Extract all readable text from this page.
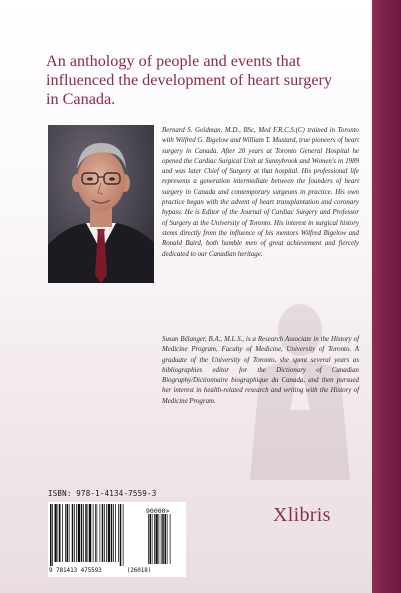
An anthology of people and events that influenced the development of heart surgery in Canada.

Bernard S. Goldman, M.D., BSc, Med F.R.C.S.(C) trained in Toronto with Wilfred G. Bigelow and William T. Mustard, true pioneers of heart surgery in Canada. After 20 years at Toronto General Hospital he opened the Cardiac Surgical Unit at Sunnybrook and Women's in 1989 and was later Chief of Surgery at that hospital. His professional life represents a generation intermediate between the founders of heart surgery in Canada and contemporary surgeons in practice. His own practice began with the advent of heart transplantation and coronary bypass. He is Editor of the Journal of Cardiac Surgery and Professor of Surgery at the University of Toronto. His interest in surgical history stems directly from the influence of his mentors Wilfred Bigelow and Ronald Baird, both humble men of great achievement and fiercely dedicated to our Canadian heritage.

Susan Bélanger, B.A., M.L.S., is a Research Associate in the History of Medicine Program, Faculty of Medicine, University of Toronto. A graduate of the University of Toronto, she spent several years as bibliographies editor for the Dictionary of Canadian Biography/Dictionnaire biographique du Canada, and then pursued her interest in health-related research and writing with the History of Medicine Program.

ISBN: 978-1-4134-7559-3

90000>

9 781413 475593	(26018)

Xlibris
